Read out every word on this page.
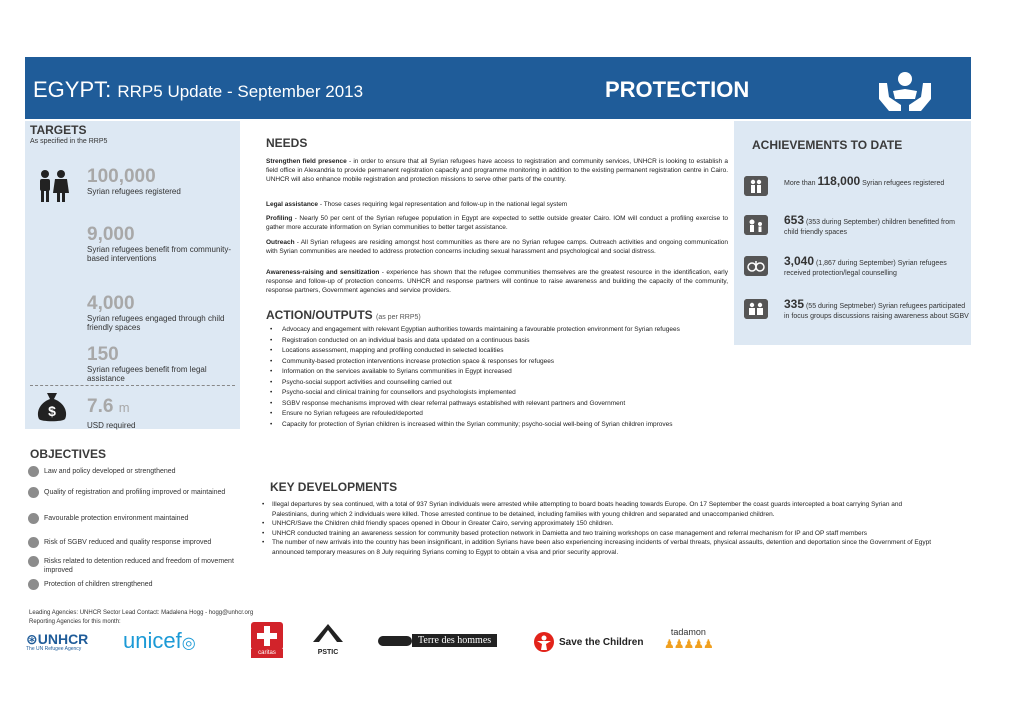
EGYPT: RRP5 Update - September 2013	PROTECTION
TARGETS
As specified in the RRP5
100,000
Syrian refugees registered
9,000
Syrian refugees benefit from community-based interventions
4,000
Syrian refugees engaged through child friendly spaces
150
Syrian refugees benefit from legal assistance
$ 7.6 m
USD required
OBJECTIVES
Law and policy developed or strengthened
Quality of registration and profiling improved or maintained
Favourable protection environment maintained
Risk of SGBV reduced and quality response improved
Risks related to detention reduced and freedom of movement improved
Protection of children strengthened
NEEDS
Strengthen field presence - in order to ensure that all Syrian refugees have access to registration and community services, UNHCR is looking to establish a field office in Alexandria to provide permanent registration capacity and programme monitoring in addition to the existing permanent registration centre in Cairo. UNHCR will also enhance mobile registration and protection missions to serve other parts of the country.
Legal assistance - Those cases requiring legal representation and follow-up in the national legal system
Profiling - Nearly 50 per cent of the Syrian refugee population in Egypt are expected to settle outside greater Cairo. IOM will conduct a profiling exercise to gather more accurate information on Syrian communities to better target assistance.
Outreach - All Syrian refugees are residing amongst host communities as there are no Syrian refugee camps. Outreach activities and ongoing communication with Syrian communities are needed to address protection concerns including sexual harassment and psychological and social distress.
Awareness-raising and sensitization - experience has shown that the refugee communities themselves are the greatest resource in the identification, early response and follow-up of protection concerns. UNHCR and response partners will continue to raise awareness and building the capacity of the community, response partners, Government agencies and service providers.
ACTION/OUTPUTS (as per RRP5)
• Advocacy and engagement with relevant Egyptian authorities towards maintaining a favourable protection environment for Syrian refugees
• Registration conducted on an individual basis and data updated on a continuous basis
• Locations assessment, mapping and profiling conducted in selected localities
• Community-based protection interventions increase protection space & responses for refugees
• Information on the services available to Syrians communities in Egypt increased
• Psycho-social support activities and counselling carried out
• Psycho-social and clinical training for counsellors and psychologists implemented
• SGBV response mechanisms improved with clear referral pathways established with relevant partners and Government
• Ensure no Syrian refugees are refouled/deported
• Capacity for protection of Syrian children is increased within the Syrian community; psycho-social well-being of Syrian children improves
KEY DEVELOPMENTS
• Illegal departures by sea continued, with a total of 937 Syrian individuals were arrested while attempting to board boats heading towards Europe. On 17 September the coast guards intercepted a boat carrying Syrian and Palestinians, during which 2 individuals were killed. Those arrested continue to be detained, including families with young children and separated and unaccompanied children.
• UNHCR/Save the Children child friendly spaces opened in Obour in Greater Cairo, serving approximately 150 children.
• UNHCR conducted training an awareness session for community based protection network in Damietta and two training workshops on case management and referral mechanism for IP and OP staff members
• The number of new arrivals into the country has been insignificant, in addition Syrians have been also experiencing increasing incidents of verbal threats, physical assaults, detention and deportation since the Government of Egypt announced temporary measures on 8 July requiring Syrians coming to Egypt to obtain a visa and prior security approval.
ACHIEVEMENTS TO DATE
More than 118,000 Syrian refugees registered
653 (353 during September) children benefitted from child friendly spaces
3,040 (1,867 during September) Syrian refugees received protection/legal counselling
335 (55 during Septmeber) Syrian refugees participated in focus groups discussions raising awareness about SGBV
Leading Agencies: UNHCR Sector Lead Contact: Madalena Hogg - hogg@unhcr.org
Reporting Agencies for this month:
⊛UNHCR
The UN Refugee Agency	unicef◎
caritas	PSTIC
Terre des hommes	Save the Children
tadamon
♟♟♟♟♟
